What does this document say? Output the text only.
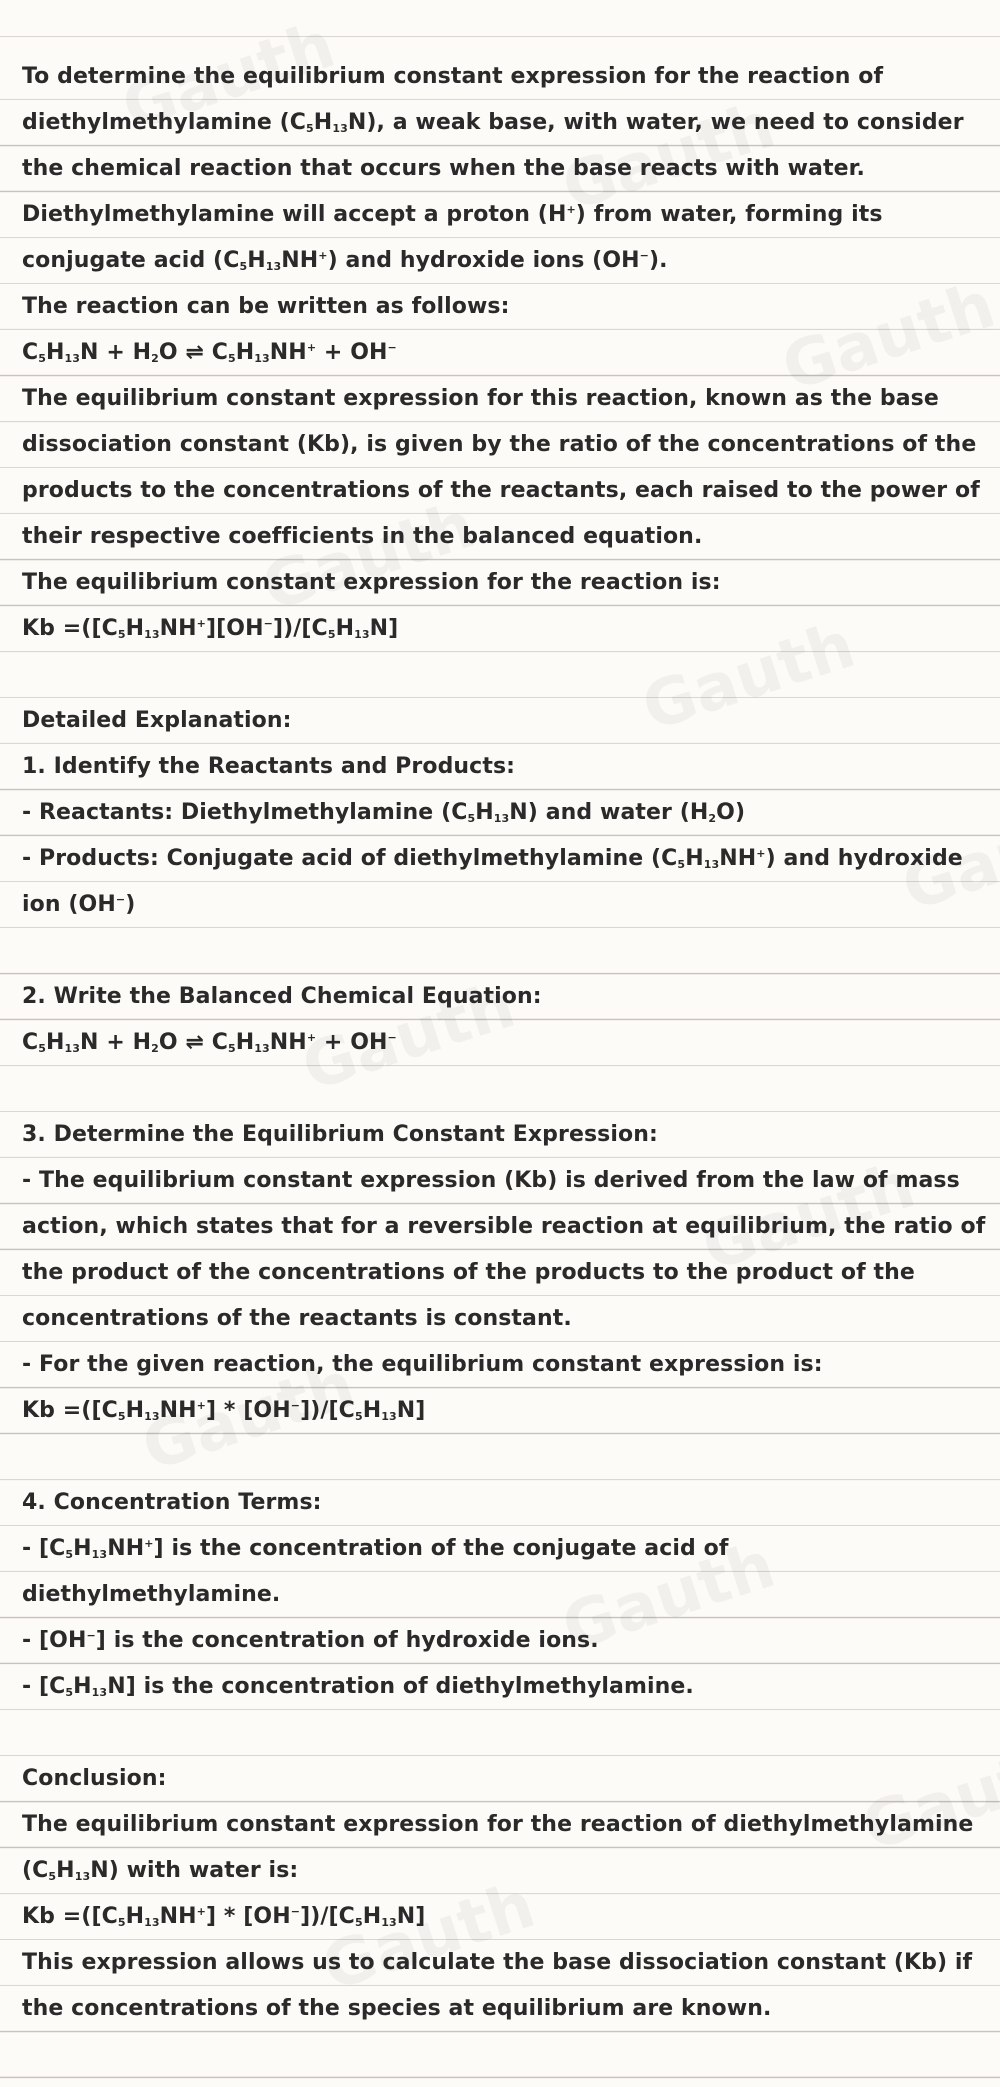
To determine the equilibrium constant expression for the reaction of
diethylmethylamine $(C_5H_{13}N)$, a weak base, with water, we need to consider
the chemical reaction that occurs when the base reacts with water.
Diethylmethylamine will accept a proton (H+) from water, forming its
conjugate acid $(C_5H_{13}NH^+)$ and hydroxide ions (OH−).
The reaction can be written as follows:
$C_5H_{13}N + H_2O$ ⇌ $C_5H_{13}NH^+ + OH^-$
The equilibrium constant expression for this reaction, known as the base
dissociation constant (Kb), is given by the ratio of the concentrations of the
products to the concentrations of the reactants, each raised to the power of
their respective coefficients in the balanced equation.
The equilibrium constant expression for the reaction is:
$Kb =([C_5H_{13}NH^+][OH^-])/[C_5H_{13}N]$
Detailed Explanation:
1. Identify the Reactants and Products:
- Reactants: Diethylmethylamine $(C_5H_{13}N)$ and water $(H_2O)$
- Products: Conjugate acid of diethylmethylamine $(C_5H_{13}NH^+)$ and hydroxide
ion (OH−)
2. Write the Balanced Chemical Equation:
$C_5H_{13}N + H_2O$ ⇌ $C_5H_{13}NH^+ + OH^-$
3. Determine the Equilibrium Constant Expression:
- The equilibrium constant expression (Kb) is derived from the law of mass
action, which states that for a reversible reaction at equilibrium, the ratio of
the product of the concentrations of the products to the product of the
concentrations of the reactants is constant.
- For the given reaction, the equilibrium constant expression is:
$Kb =([C_5H_{13}NH^+] * [OH^-])/[C_5H_{13}N]$
4. Concentration Terms:
- $[C_5H_{13}NH^+]$ is the concentration of the conjugate acid of
diethylmethylamine.
- [OH−] is the concentration of hydroxide ions.
- $[C_5H_{13}N]$ is the concentration of diethylmethylamine.
Conclusion:
The equilibrium constant expression for the reaction of diethylmethylamine
$(C_5H_{13}N)$ with water is:
$Kb =([C_5H_{13}NH^+] * [OH^-])/[C_5H_{13}N]$
This expression allows us to calculate the base dissociation constant (Kb) if
the concentrations of the species at equilibrium are known.
